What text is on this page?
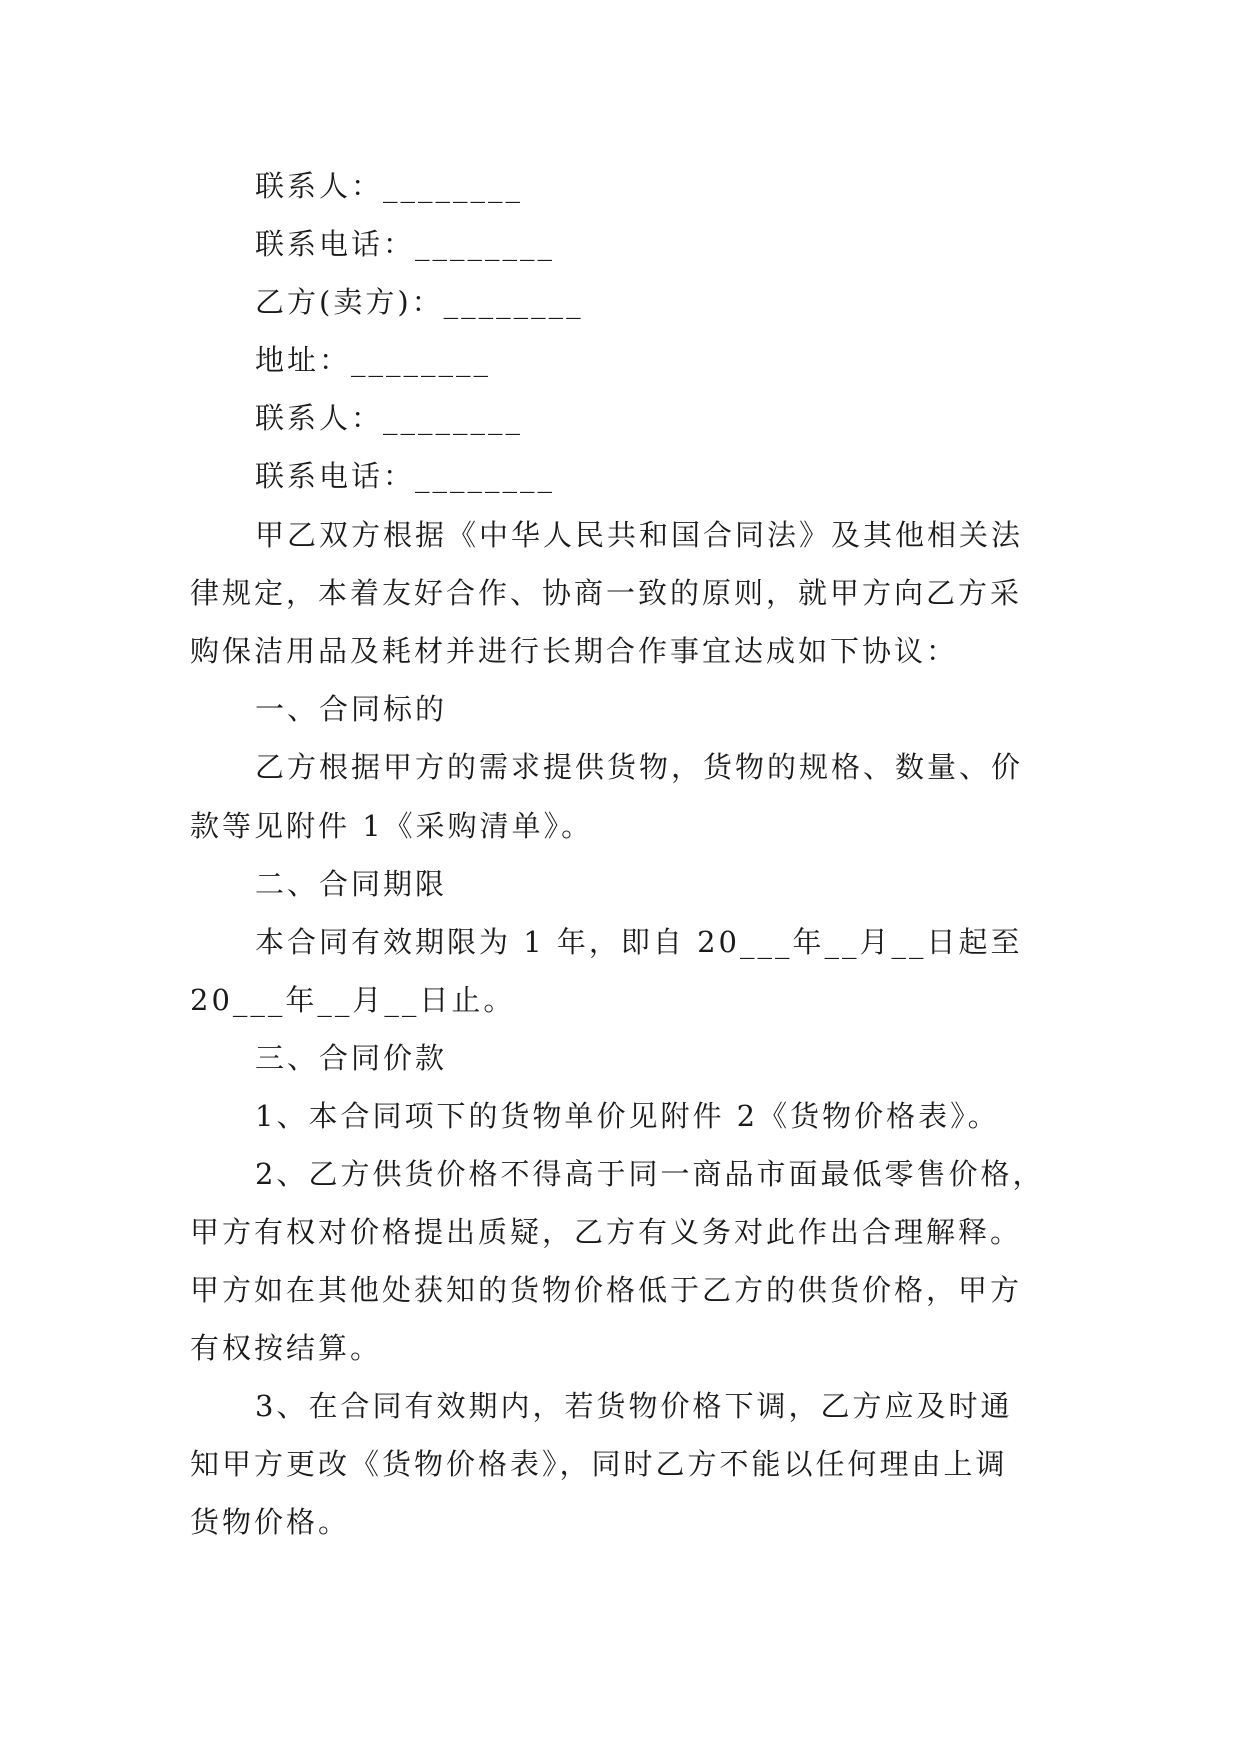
联系人：________
联系电话：________
乙方(卖方)：________
地址：________
联系人：________
联系电话：________
甲乙双方根据《中华人民共和国合同法》及其他相关法
律规定，本着友好合作、协商一致的原则，就甲方向乙方采
购保洁用品及耗材并进行长期合作事宜达成如下协议：
一、合同标的
乙方根据甲方的需求提供货物，货物的规格、数量、价
款等见附件 1《采购清单》。
二、合同期限
本合同有效期限为 1 年，即自 20___年__月__日起至
20___年__月__日止。
三、合同价款
1、本合同项下的货物单价见附件 2《货物价格表》。
2、乙方供货价格不得高于同一商品市面最低零售价格，
甲方有权对价格提出质疑，乙方有义务对此作出合理解释。
甲方如在其他处获知的货物价格低于乙方的供货价格，甲方
有权按结算。
3、在合同有效期内，若货物价格下调，乙方应及时通
知甲方更改《货物价格表》，同时乙方不能以任何理由上调
货物价格。
